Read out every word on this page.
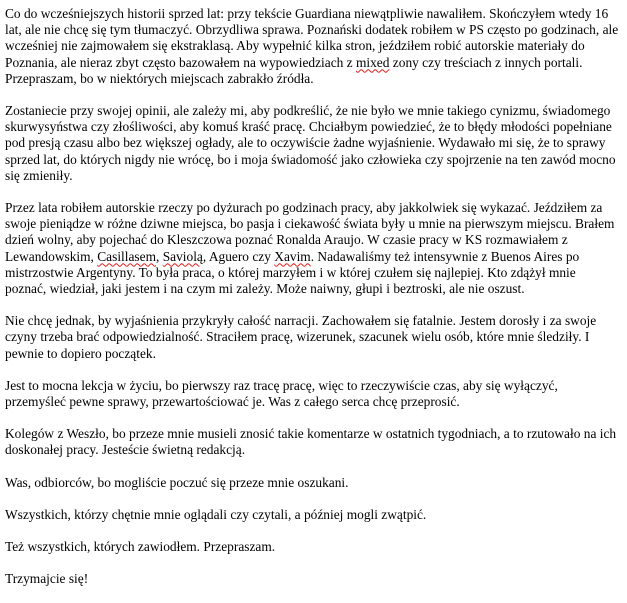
Co do wcześniejszych historii sprzed lat: przy tekście Guardiana niewątpliwie nawaliłem. Skończyłem wtedy 16 lat, ale nie chcę się tym tłumaczyć. Obrzydliwa sprawa. Poznański dodatek robiłem w PS często po godzinach, ale wcześniej nie zajmowałem się ekstraklasą. Aby wypełnić kilka stron, jeździłem robić autorskie materiały do Poznania, ale nieraz zbyt często bazowałem na wypowiedziach z mixed zony czy treściach z innych portali. Przepraszam, bo w niektórych miejscach zabrakło źródła.

Zostaniecie przy swojej opinii, ale zależy mi, aby podkreślić, że nie było we mnie takiego cynizmu, świadomego skurwysyństwa czy złośliwości, aby komuś kraść pracę. Chciałbym powiedzieć, że to błędy młodości popełniane pod presją czasu albo bez większej ogłady, ale to oczywiście żadne wyjaśnienie. Wydawało mi się, że to sprawy sprzed lat, do których nigdy nie wrócę, bo i moja świadomość jako człowieka czy spojrzenie na ten zawód mocno się zmieniły.

Przez lata robiłem autorskie rzeczy po dyżurach po godzinach pracy, aby jakkolwiek się wykazać. Jeździłem za swoje pieniądze w różne dziwne miejsca, bo pasja i ciekawość świata były u mnie na pierwszym miejscu. Brałem dzień wolny, aby pojechać do Kleszczowa poznać Ronalda Araujo. W czasie pracy w KS rozmawiałem z Lewandowskim, Casillasem, Saviolą, Aguero czy Xavim. Nadawaliśmy też intensywnie z Buenos Aires po mistrzostwie Argentyny. To była praca, o której marzyłem i w której czułem się najlepiej. Kto zdążył mnie poznać, wiedział, jaki jestem i na czym mi zależy. Może naiwny, głupi i beztroski, ale nie oszust.

Nie chcę jednak, by wyjaśnienia przykryły całość narracji. Zachowałem się fatalnie. Jestem dorosły i za swoje czyny trzeba brać odpowiedzialność. Straciłem pracę, wizerunek, szacunek wielu osób, które mnie śledziły. I pewnie to dopiero początek.

Jest to mocna lekcja w życiu, bo pierwszy raz tracę pracę, więc to rzeczywiście czas, aby się wyłączyć, przemyśleć pewne sprawy, przewartościować je. Was z całego serca chcę przeprosić.

Kolegów z Weszło, bo przeze mnie musieli znosić takie komentarze w ostatnich tygodniach, a to rzutowało na ich doskonałej pracy. Jesteście świetną redakcją.

Was, odbiorców, bo mogliście poczuć się przeze mnie oszukani.

Wszystkich, którzy chętnie mnie oglądali czy czytali, a później mogli zwątpić.

Też wszystkich, których zawiodłem. Przepraszam.

Trzymajcie się!
